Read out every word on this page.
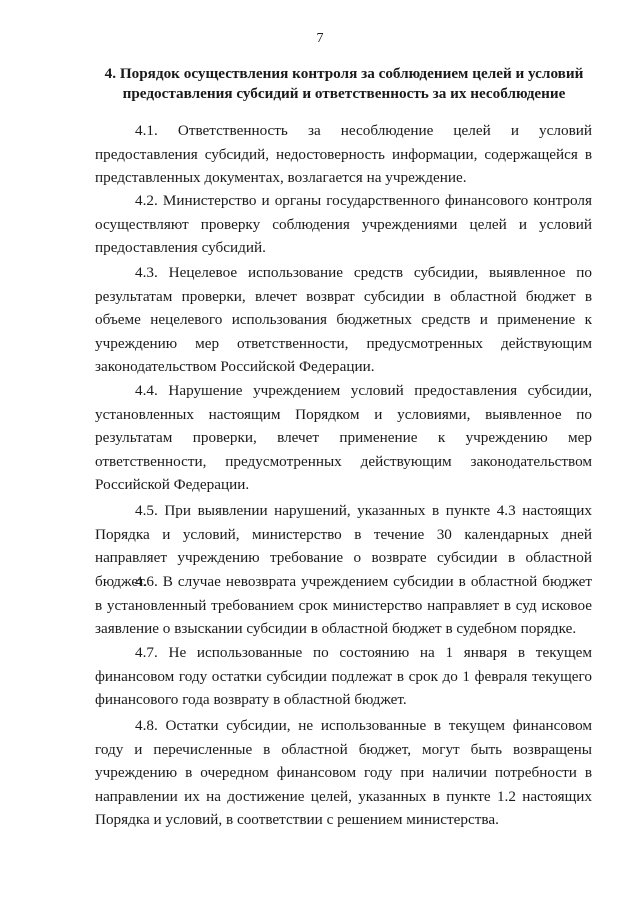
7
4. Порядок осуществления контроля за соблюдением целей и условий предоставления субсидий и ответственность за их несоблюдение

4.1. Ответственность за несоблюдение целей и условий предоставления субсидий, недостоверность информации, содержащейся в представленных документах, возлагается на учреждение.

4.2. Министерство и органы государственного финансового контроля осуществляют проверку соблюдения учреждениями целей и условий предоставления субсидий.

4.3. Нецелевое использование средств субсидии, выявленное по результатам проверки, влечет возврат субсидии в областной бюджет в объеме нецелевого использования бюджетных средств и применение к учреждению мер ответственности, предусмотренных действующим законодательством Российской Федерации.

4.4. Нарушение учреждением условий предоставления субсидии, установленных настоящим Порядком и условиями, выявленное по результатам проверки, влечет применение к учреждению мер ответственности, предусмотренных действующим законодательством Российской Федерации.

4.5. При выявлении нарушений, указанных в пункте 4.3 настоящих Порядка и условий, министерство в течение 30 календарных дней направляет учреждению требование о возврате субсидии в областной бюджет.

4.6. В случае невозврата учреждением субсидии в областной бюджет в установленный требованием срок министерство направляет в суд исковое заявление о взыскании субсидии в областной бюджет в судебном порядке.

4.7. Не использованные по состоянию на 1 января в текущем финансовом году остатки субсидии подлежат в срок до 1 февраля текущего финансового года возврату в областной бюджет.

4.8. Остатки субсидии, не использованные в текущем финансовом году и перечисленные в областной бюджет, могут быть возвращены учреждению в очередном финансовом году при наличии потребности в направлении их на достижение целей, указанных в пункте 1.2 настоящих Порядка и условий, в соответствии с решением министерства.
